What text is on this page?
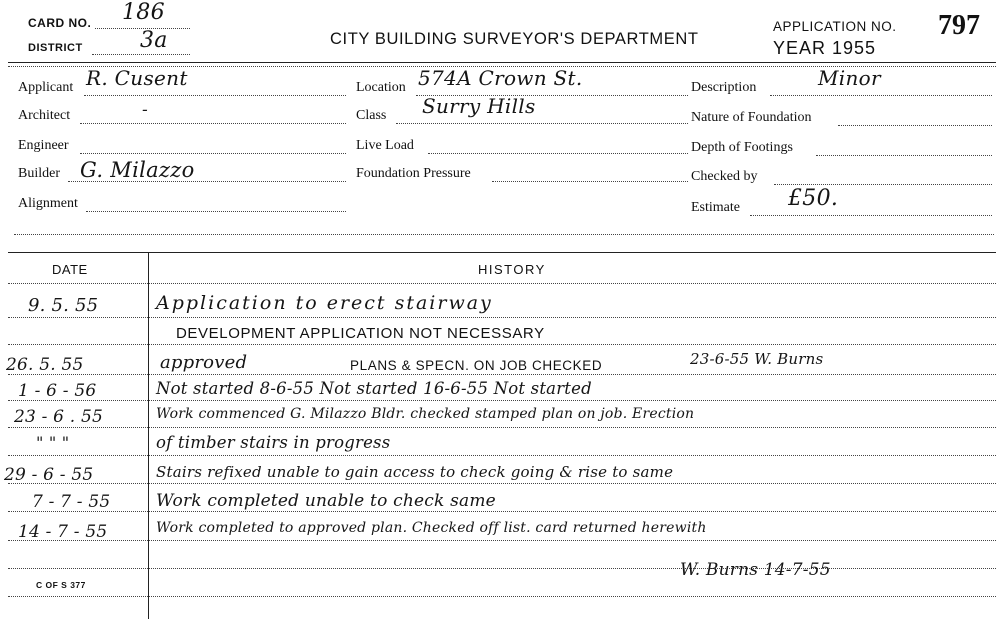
CARD NO. 186
DISTRICT	3a	CITY BUILDING SURVEYOR'S DEPARTMENT
APPLICATION NO. 797
YEAR 1955
Applicant R. Cusent
Architect	-
Engineer
Builder G. Milazzo
Alignment
Location 574A Crown St.
Class Surry Hills
Live Load
Foundation Pressure
Description	Minor
Nature of Foundation
Depth of Footings
Checked by
Estimate £50.
DATE	HISTORY
9. 5. 55	Application to erect stairway
DEVELOPMENT APPLICATION NOT NECESSARY
26. 5. 55	approved	PLANS & SPECN. ON JOB CHECKED	23-6-55 W. Burns
1 - 6 - 56	Not started 8-6-55 Not started 16-6-55 Not started
23 - 6 . 55	Work commenced G. Milazzo Bldr. checked stamped plan on job. Erection
" " "	of timber stairs in progress
29 - 6 - 55	Stairs refixed unable to gain access to check going & rise to same
7 - 7 - 55	Work completed unable to check same
14 - 7 - 55	Work completed to approved plan. Checked off list. card returned herewith
W. Burns 14-7-55
C OF S 377
